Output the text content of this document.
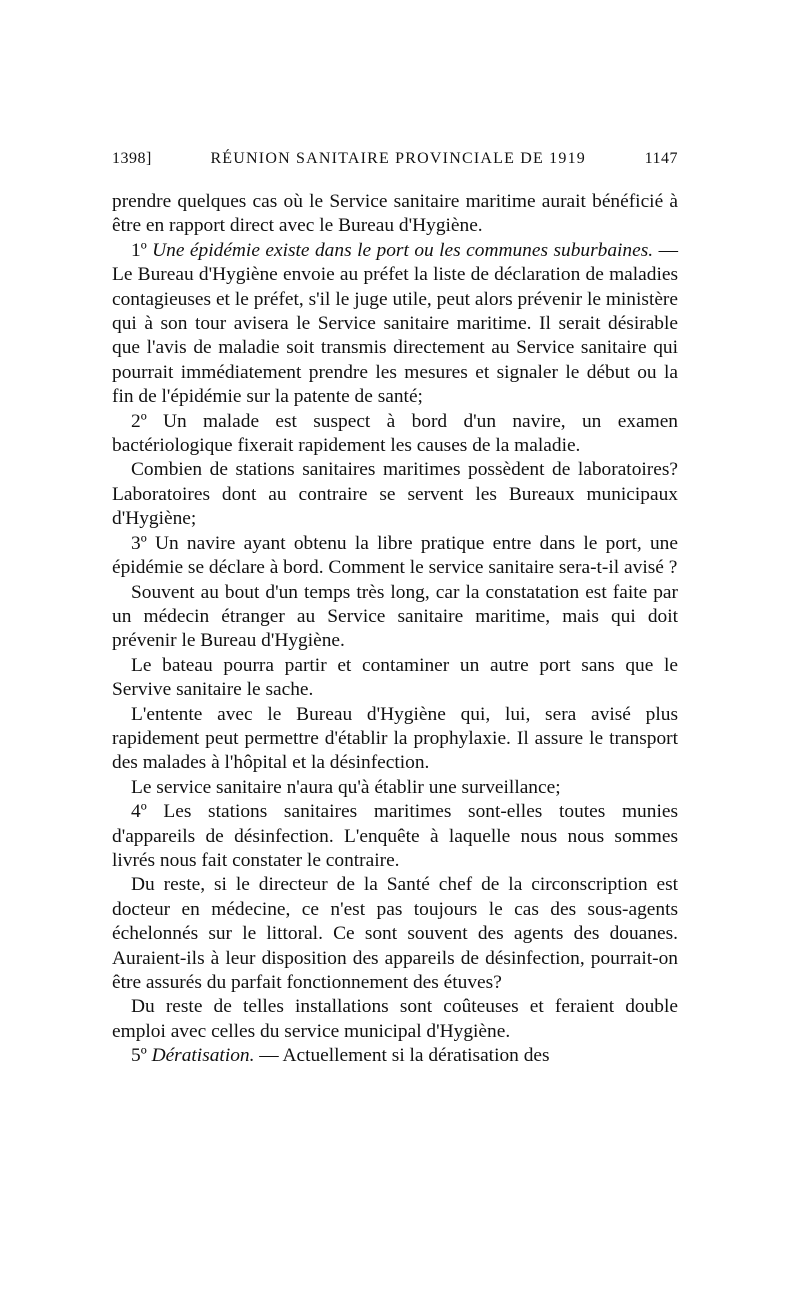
1398]	RÉUNION SANITAIRE PROVINCIALE DE 1919	1147

prendre quelques cas où le Service sanitaire maritime aurait bénéficié à être en rapport direct avec le Bureau d'Hygiène.

1º Une épidémie existe dans le port ou les communes suburbaines. — Le Bureau d'Hygiène envoie au préfet la liste de déclaration de maladies contagieuses et le préfet, s'il le juge utile, peut alors prévenir le ministère qui à son tour avisera le Service sanitaire maritime. Il serait désirable que l'avis de maladie soit transmis directement au Service sanitaire qui pourrait immédiatement prendre les mesures et signaler le début ou la fin de l'épidémie sur la patente de santé;

2º Un malade est suspect à bord d'un navire, un examen bactériologique fixerait rapidement les causes de la maladie.

Combien de stations sanitaires maritimes possèdent de laboratoires? Laboratoires dont au contraire se servent les Bureaux municipaux d'Hygiène;

3º Un navire ayant obtenu la libre pratique entre dans le port, une épidémie se déclare à bord. Comment le service sanitaire sera-t-il avisé ?

Souvent au bout d'un temps très long, car la constatation est faite par un médecin étranger au Service sanitaire maritime, mais qui doit prévenir le Bureau d'Hygiène.

Le bateau pourra partir et contaminer un autre port sans que le Servive sanitaire le sache.

L'entente avec le Bureau d'Hygiène qui, lui, sera avisé plus rapidement peut permettre d'établir la prophylaxie. Il assure le transport des malades à l'hôpital et la désinfection.

Le service sanitaire n'aura qu'à établir une surveillance;

4º Les stations sanitaires maritimes sont-elles toutes munies d'appareils de désinfection. L'enquête à laquelle nous nous sommes livrés nous fait constater le contraire.

Du reste, si le directeur de la Santé chef de la circonscription est docteur en médecine, ce n'est pas toujours le cas des sous-agents échelonnés sur le littoral. Ce sont souvent des agents des douanes. Auraient-ils à leur disposition des appareils de désinfection, pourrait-on être assurés du parfait fonctionnement des étuves?

Du reste de telles installations sont coûteuses et feraient double emploi avec celles du service municipal d'Hygiène.

5º Dératisation. — Actuellement si la dératisation des
